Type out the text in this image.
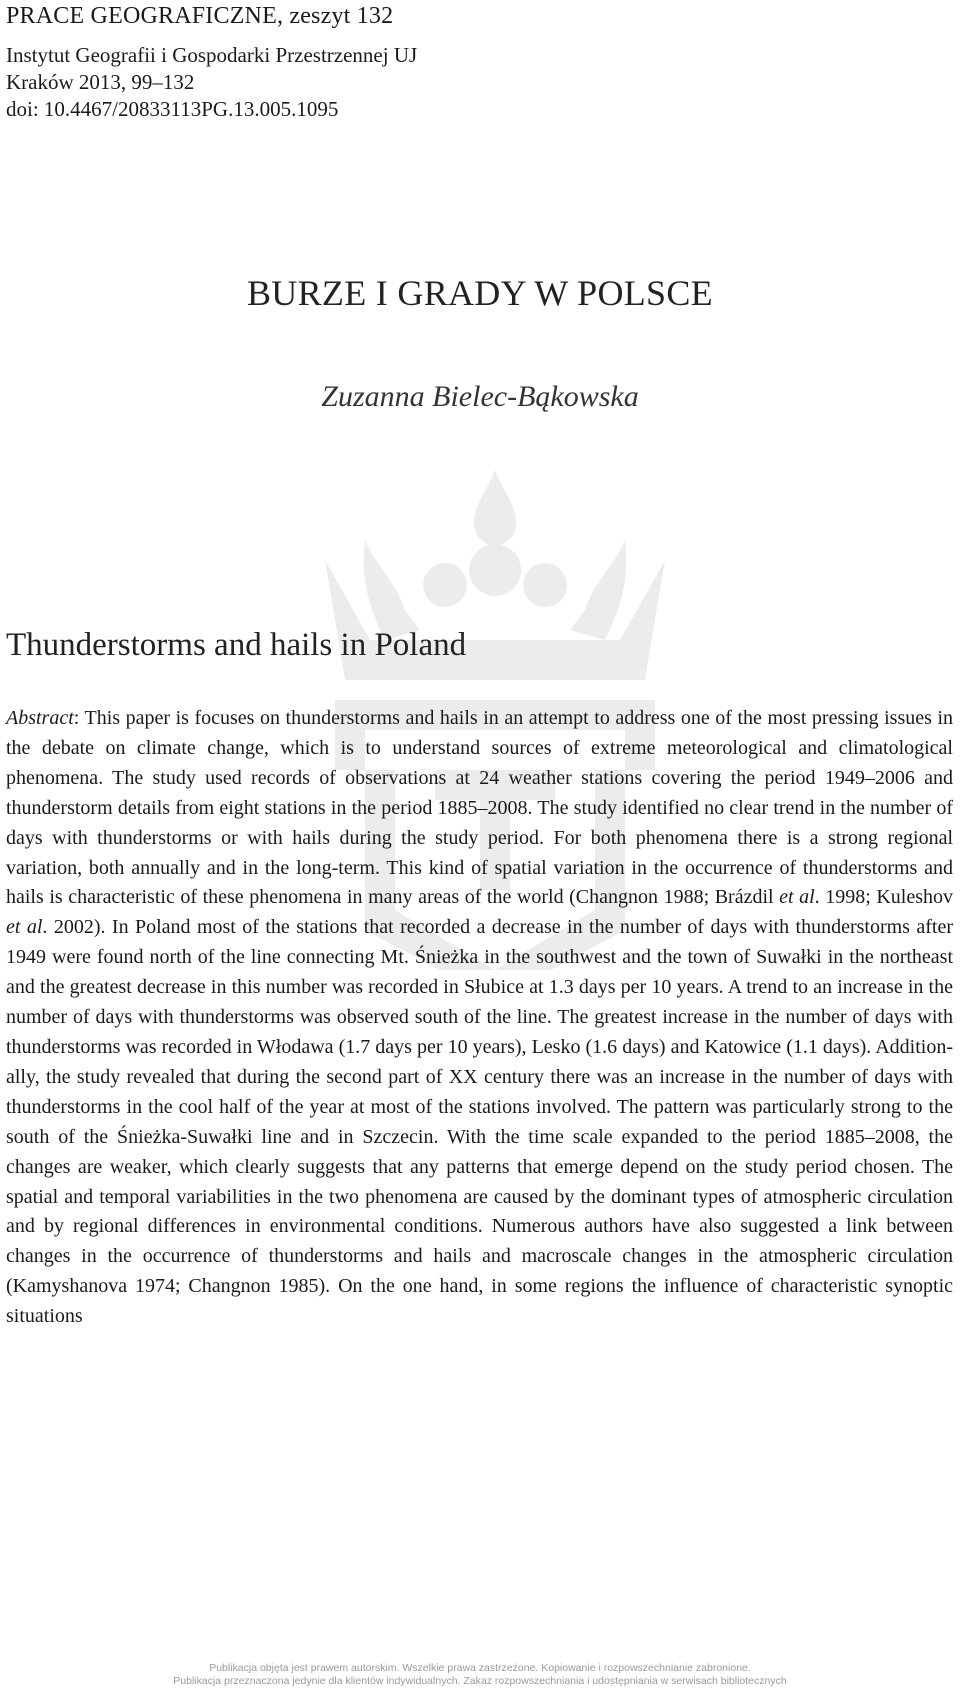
PRACE GEOGRAFICZNE, zeszyt 132
Instytut Geografii i Gospodarki Przestrzennej UJ
Kraków 2013, 99–132
doi: 10.4467/20833113PG.13.005.1095
BURZE I GRADY W POLSCE
Zuzanna Bielec-Bąkowska
Thunderstorms and hails in Poland
Abstract: This paper is focuses on thunderstorms and hails in an attempt to address one of the most pressing issues in the debate on climate change, which is to understand sources of extreme meteorological and climatological phenomena. The study used records of observations at 24 weather stations covering the period 1949–2006 and thunderstorm details from eight stations in the period 1885–2008. The study identified no clear trend in the number of days with thunderstorms or with hails during the study period. For both phenomena there is a strong regional variation, both annually and in the long-term. This kind of spatial variation in the occurrence of thunderstorms and hails is characteristic of these phenomena in many areas of the world (Changnon 1988; Brázdil et al. 1998; Kuleshov et al. 2002). In Poland most of the stations that recorded a decrease in the number of days with thunderstorms after 1949 were found north of the line connecting Mt. Śnieżka in the southwest and the town of Suwałki in the northeast and the greatest decrease in this number was recorded in Słubice at 1.3 days per 10 years. A trend to an increase in the number of days with thunderstorms was observed south of the line. The greatest increase in the number of days with thunderstorms was recorded in Włodawa (1.7 days per 10 years), Lesko (1.6 days) and Katowice (1.1 days). Additionally, the study revealed that during the second part of XX century there was an increase in the number of days with thunderstorms in the cool half of the year at most of the stations involved. The pattern was particularly strong to the south of the Śnieżka-Suwałki line and in Szczecin. With the time scale expanded to the period 1885–2008, the changes are weaker, which clearly suggests that any patterns that emerge depend on the study period chosen. The spatial and temporal variabilities in the two phenomena are caused by the dominant types of atmospheric circulation and by regional differences in environmental conditions. Numerous authors have also suggested a link between changes in the occurrence of thunderstorms and hails and macroscale changes in the atmospheric circulation (Kamyshanova 1974; Changnon 1985). On the one hand, in some regions the influence of characteristic synoptic situations
Publikacja objęta jest prawem autorskim. Wszelkie prawa zastrzeżone. Kopiowanie i rozpowszechnianie zabronione.
Publikacja przeznaczona jedynie dla klientów indywidualnych. Zakaz rozpowszechniania i udostępniania w serwisach bibliotecznych
